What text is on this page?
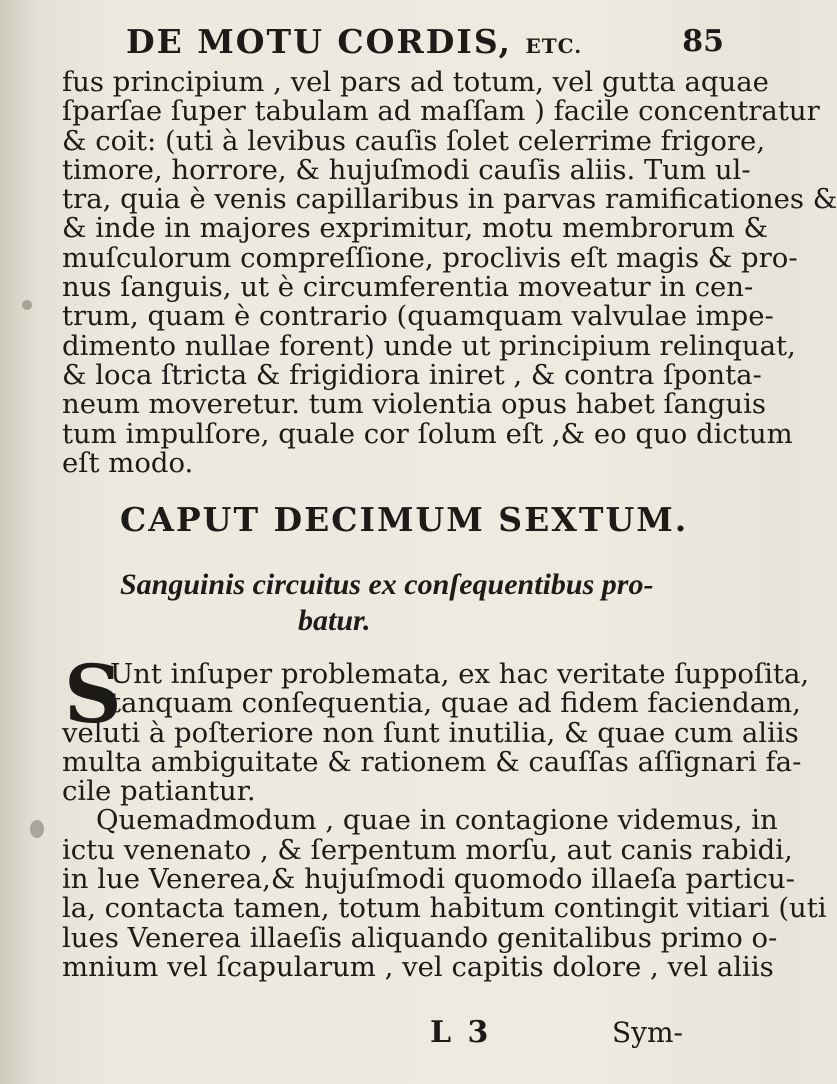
DE MOTU CORDIS, ETC.	85
fus principium , vel pars ad totum, vel gutta aquae
ſparſae ſuper tabulam ad maſſam ) facile concentratur
& coit: (uti à levibus cauſis ſolet celerrime frigore,
timore, horrore, & hujuſmodi cauſis aliis. Tum ul-
tra, quia è venis capillaribus in parvas ramificationes &
& inde in majores exprimitur, motu membrorum &
muſculorum compreſſione, proclivis eſt magis & pro-
nus ſanguis, ut è circumferentia moveatur in cen-
trum, quam è contrario (quamquam valvulae impe-
dimento nullae forent) unde ut principium relinquat,
& loca ſtricta & frigidiora iniret , & contra ſponta-
neum moveretur. tum violentia opus habet ſanguis
tum impulſore, quale cor ſolum eſt ,& eo quo dictum
eſt modo.
CAPUT DECIMUM SEXTUM.
Sanguinis circuitus ex conſequentibus pro-
batur.
S
Unt inſuper problemata, ex hac veritate ſuppoſita,
tanquam conſequentia, quae ad fidem faciendam,
veluti à poſteriore non ſunt inutilia, & quae cum aliis
multa ambiguitate & rationem & cauſſas aſſignari fa-
cile patiantur.
Quemadmodum , quae in contagione videmus, in
ictu venenato , & ſerpentum morſu, aut canis rabidi,
in lue Venerea,& hujuſmodi quomodo illaeſa particu-
la, contacta tamen, totum habitum contingit vitiari (uti
lues Venerea illaeſis aliquando genitalibus primo o-
mnium vel ſcapularum , vel capitis dolore , vel aliis
L 3	Sym-
